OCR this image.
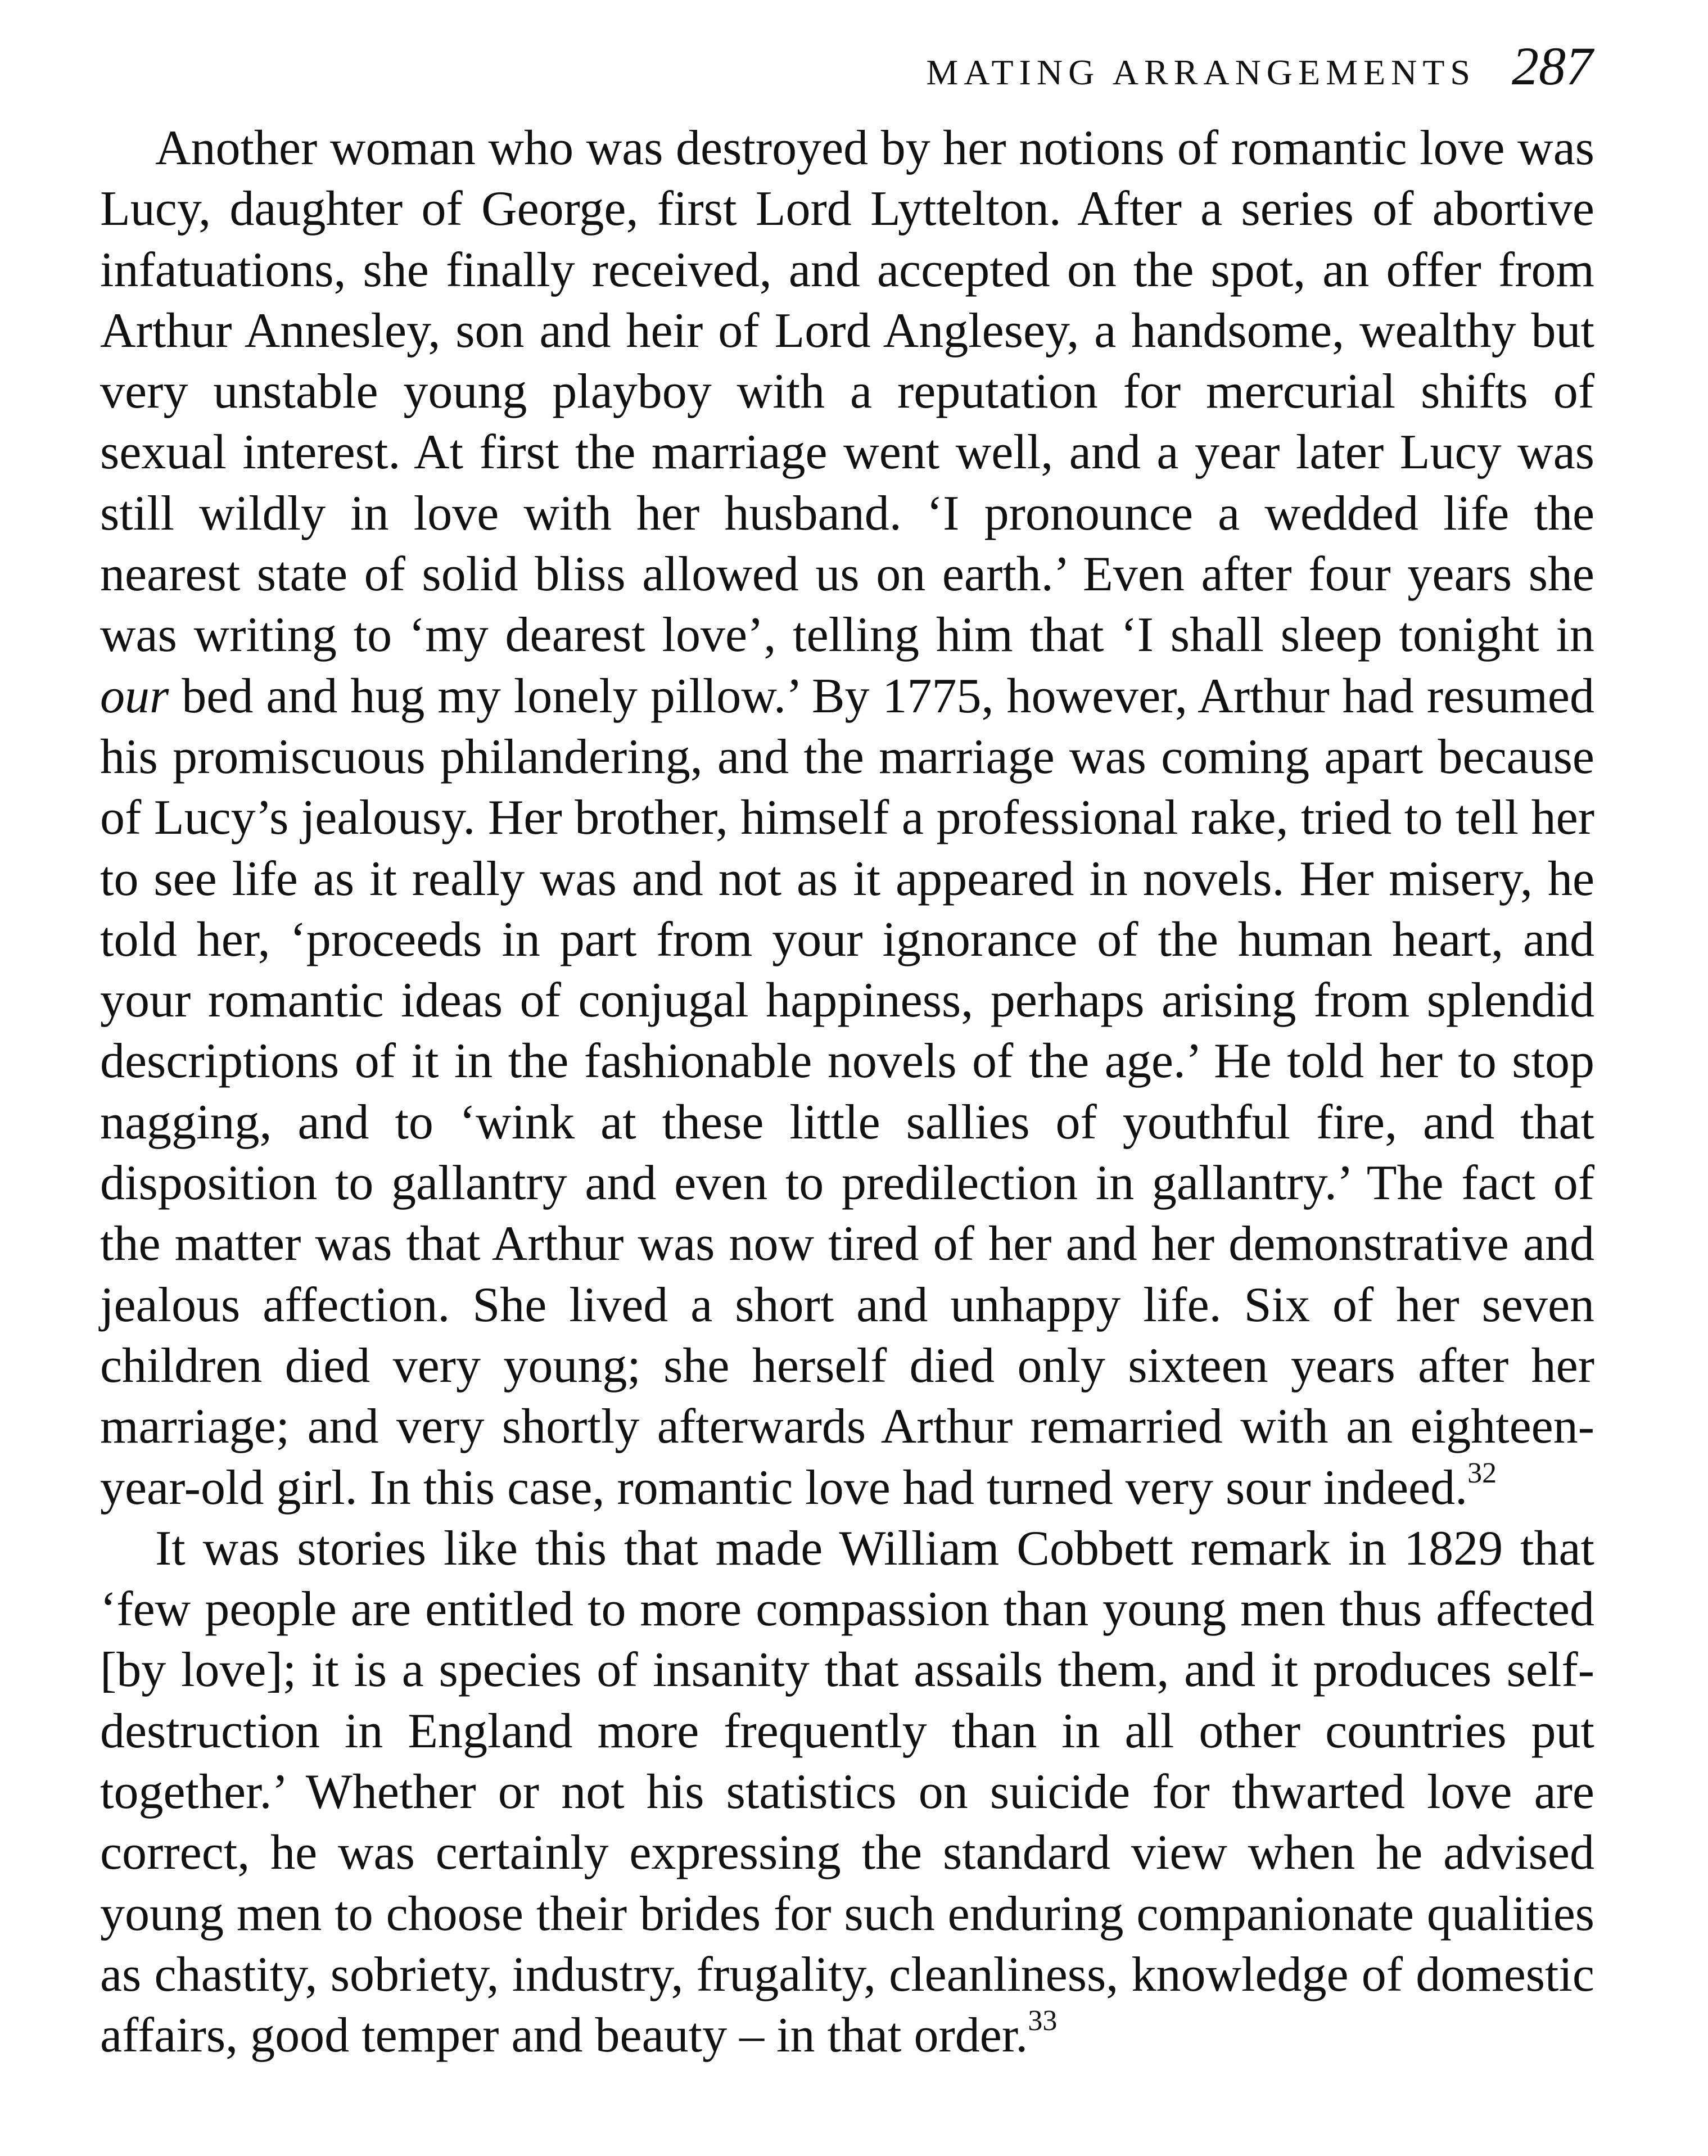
MATING ARRANGEMENTS 287

Another woman who was destroyed by her notions of romantic love was Lucy, daughter of George, first Lord Lyttelton. After a series of abortive infatuations, she finally received, and accepted on the spot, an offer from Arthur Annesley, son and heir of Lord Anglesey, a handsome, wealthy but very unstable young playboy with a reputation for mercurial shifts of sexual interest. At first the marriage went well, and a year later Lucy was still wildly in love with her husband. ‘I pronounce a wedded life the nearest state of solid bliss allowed us on earth.’ Even after four years she was writing to ‘my dearest love’, telling him that ‘I shall sleep tonight in our bed and hug my lonely pillow.’ By 1775, however, Arthur had resumed his promiscuous philandering, and the marriage was coming apart because of Lucy’s jealousy. Her brother, himself a professional rake, tried to tell her to see life as it really was and not as it appeared in novels. Her misery, he told her, ‘proceeds in part from your ignorance of the human heart, and your romantic ideas of conjugal happiness, perhaps arising from splendid descriptions of it in the fashionable novels of the age.’ He told her to stop nagging, and to ‘wink at these little sallies of youthful fire, and that disposition to gallantry and even to predilection in gallantry.’ The fact of the matter was that Arthur was now tired of her and her demonstrative and jealous affection. She lived a short and unhappy life. Six of her seven children died very young; she herself died only sixteen years after her marriage; and very shortly afterwards Arthur remarried with an eighteen-year-old girl. In this case, romantic love had turned very sour indeed.$^{32}$

It was stories like this that made William Cobbett remark in 1829 that ‘few people are entitled to more compassion than young men thus affected [by love]; it is a species of insanity that assails them, and it produces self-destruction in England more frequently than in all other countries put together.’ Whether or not his statistics on suicide for thwarted love are correct, he was certainly expressing the standard view when he advised young men to choose their brides for such enduring companionate qualities as chastity, sobriety, industry, frugality, cleanliness, knowledge of domestic affairs, good temper and beauty – in that order.$^{33}$
